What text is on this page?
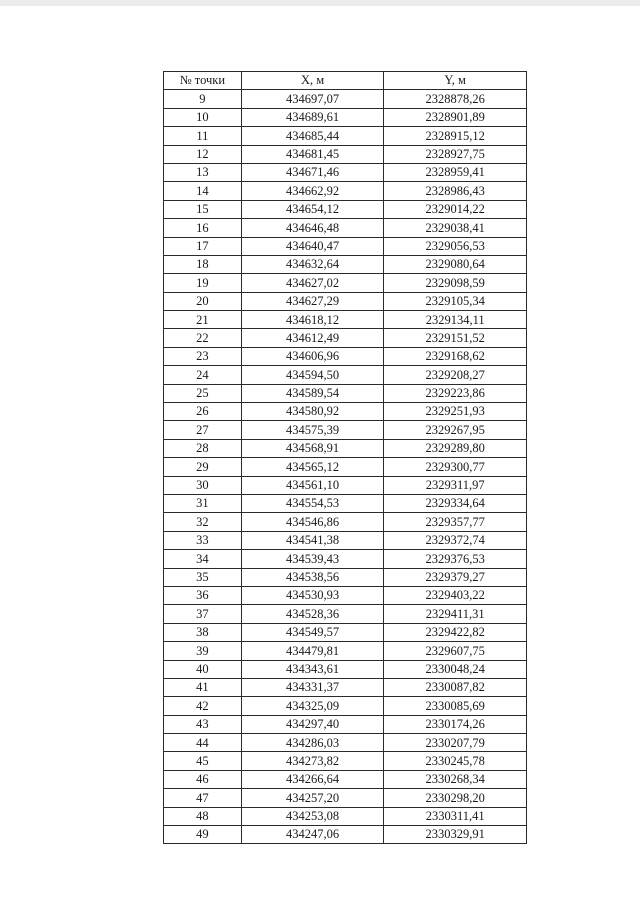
№ точки	X, м	Y, м
9	434697,07	2328878,26
10	434689,61	2328901,89
11	434685,44	2328915,12
12	434681,45	2328927,75
13	434671,46	2328959,41
14	434662,92	2328986,43
15	434654,12	2329014,22
16	434646,48	2329038,41
17	434640,47	2329056,53
18	434632,64	2329080,64
19	434627,02	2329098,59
20	434627,29	2329105,34
21	434618,12	2329134,11
22	434612,49	2329151,52
23	434606,96	2329168,62
24	434594,50	2329208,27
25	434589,54	2329223,86
26	434580,92	2329251,93
27	434575,39	2329267,95
28	434568,91	2329289,80
29	434565,12	2329300,77
30	434561,10	2329311,97
31	434554,53	2329334,64
32	434546,86	2329357,77
33	434541,38	2329372,74
34	434539,43	2329376,53
35	434538,56	2329379,27
36	434530,93	2329403,22
37	434528,36	2329411,31
38	434549,57	2329422,82
39	434479,81	2329607,75
40	434343,61	2330048,24
41	434331,37	2330087,82
42	434325,09	2330085,69
43	434297,40	2330174,26
44	434286,03	2330207,79
45	434273,82	2330245,78
46	434266,64	2330268,34
47	434257,20	2330298,20
48	434253,08	2330311,41
49	434247,06	2330329,91
